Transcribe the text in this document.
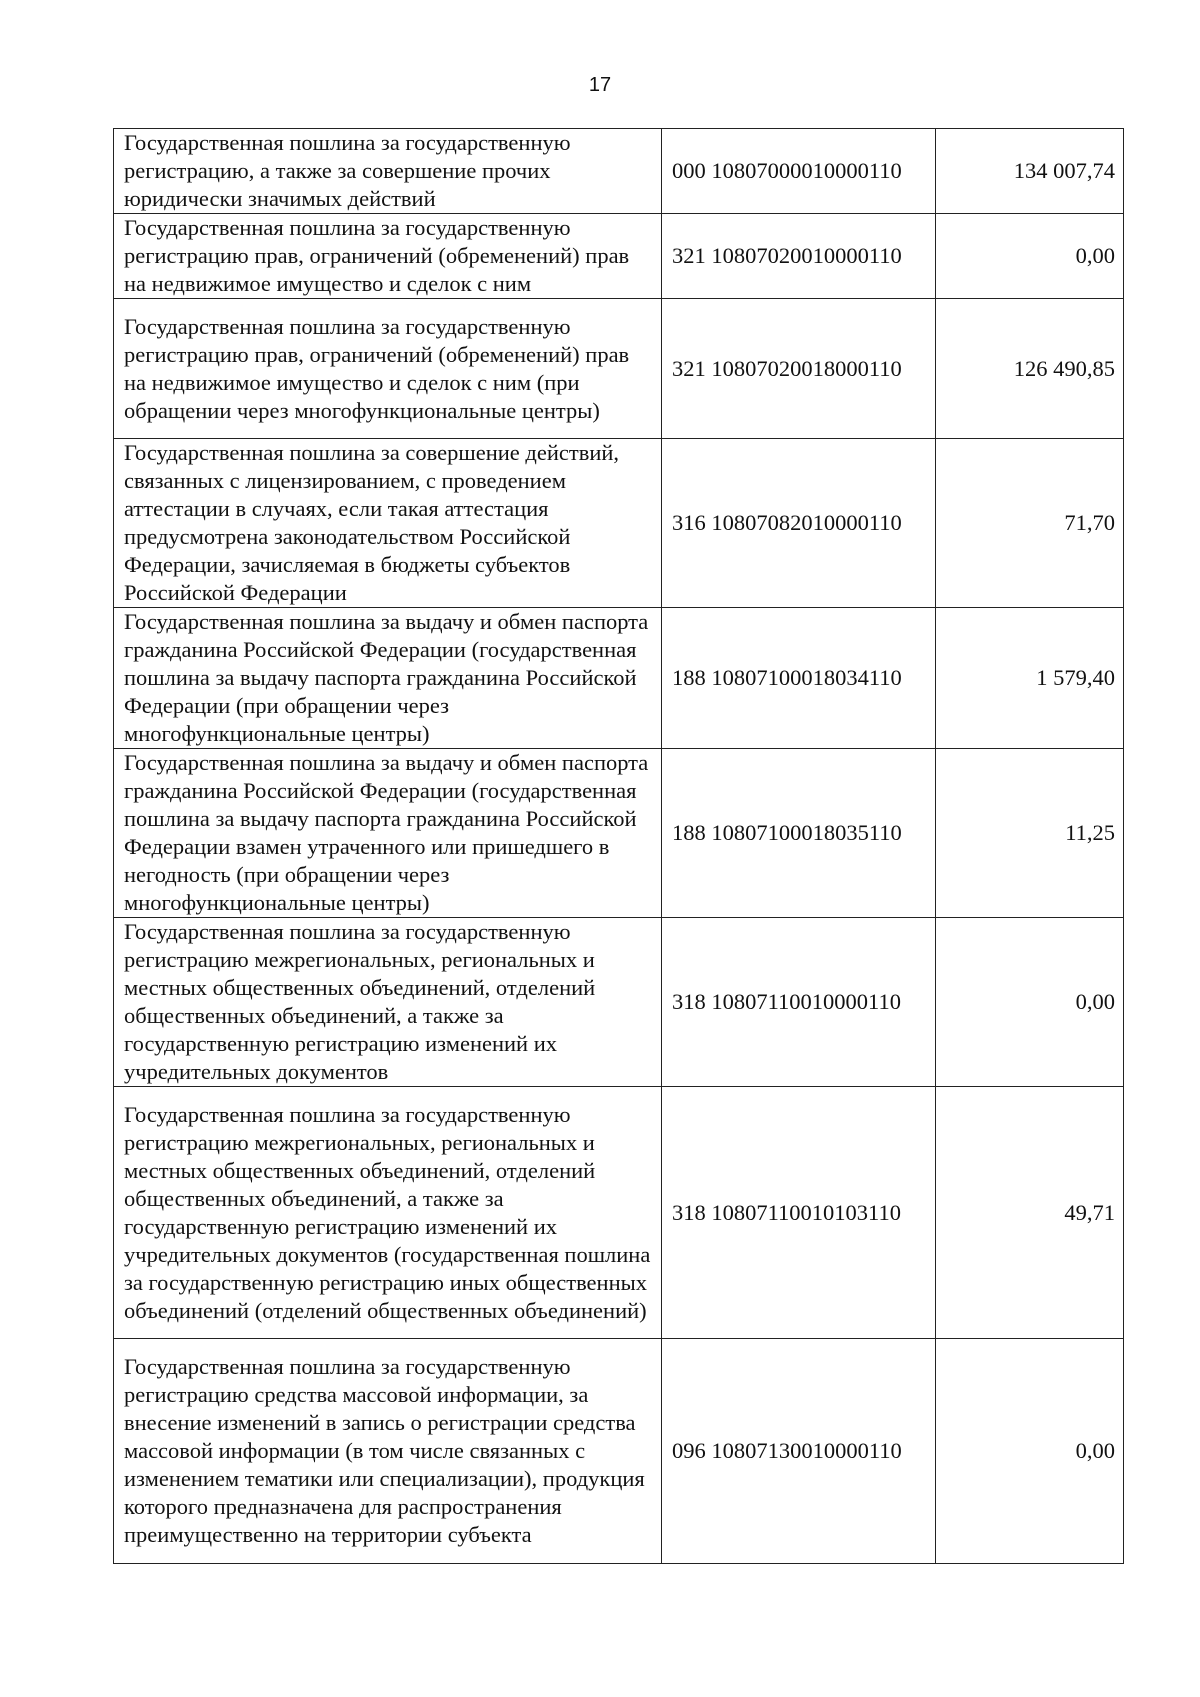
17
Государственная пошлина за государственную регистрацию, а также за совершение прочих юридически значимых действий	000 10807000010000110	134 007,74
Государственная пошлина за государственную регистрацию прав, ограничений (обременений) прав на недвижимое имущество и сделок с ним	321 10807020010000110	0,00
Государственная пошлина за государственную регистрацию прав, ограничений (обременений) прав на недвижимое имущество и сделок с ним (при обращении через многофункциональные центры)	321 10807020018000110	126 490,85
Государственная пошлина за совершение действий, связанных с лицензированием, с проведением аттестации в случаях, если такая аттестация предусмотрена законодательством Российской Федерации, зачисляемая в бюджеты субъектов Российской Федерации	316 10807082010000110	71,70
Государственная пошлина за выдачу и обмен паспорта гражданина Российской Федерации (государственная пошлина за выдачу паспорта гражданина Российской Федерации (при обращении через многофункциональные центры)	188 10807100018034110	1 579,40
Государственная пошлина за выдачу и обмен паспорта гражданина Российской Федерации (государственная пошлина за выдачу паспорта гражданина Российской Федерации взамен утраченного или пришедшего в негодность (при обращении через многофункциональные центры)	188 10807100018035110	11,25
Государственная пошлина за государственную регистрацию межрегиональных, региональных и местных общественных объединений, отделений общественных объединений, а также за государственную регистрацию изменений их учредительных документов	318 10807110010000110	0,00
Государственная пошлина за государственную регистрацию межрегиональных, региональных и местных общественных объединений, отделений общественных объединений, а также за государственную регистрацию изменений их учредительных документов (государственная пошлина за государственную регистрацию иных общественных объединений (отделений общественных объединений)	318 10807110010103110	49,71
Государственная пошлина за государственную регистрацию средства массовой информации, за внесение изменений в запись о регистрации средства массовой информации (в том числе связанных с изменением тематики или специализации), продукция которого предназначена для распространения преимущественно на территории субъекта	096 10807130010000110	0,00
